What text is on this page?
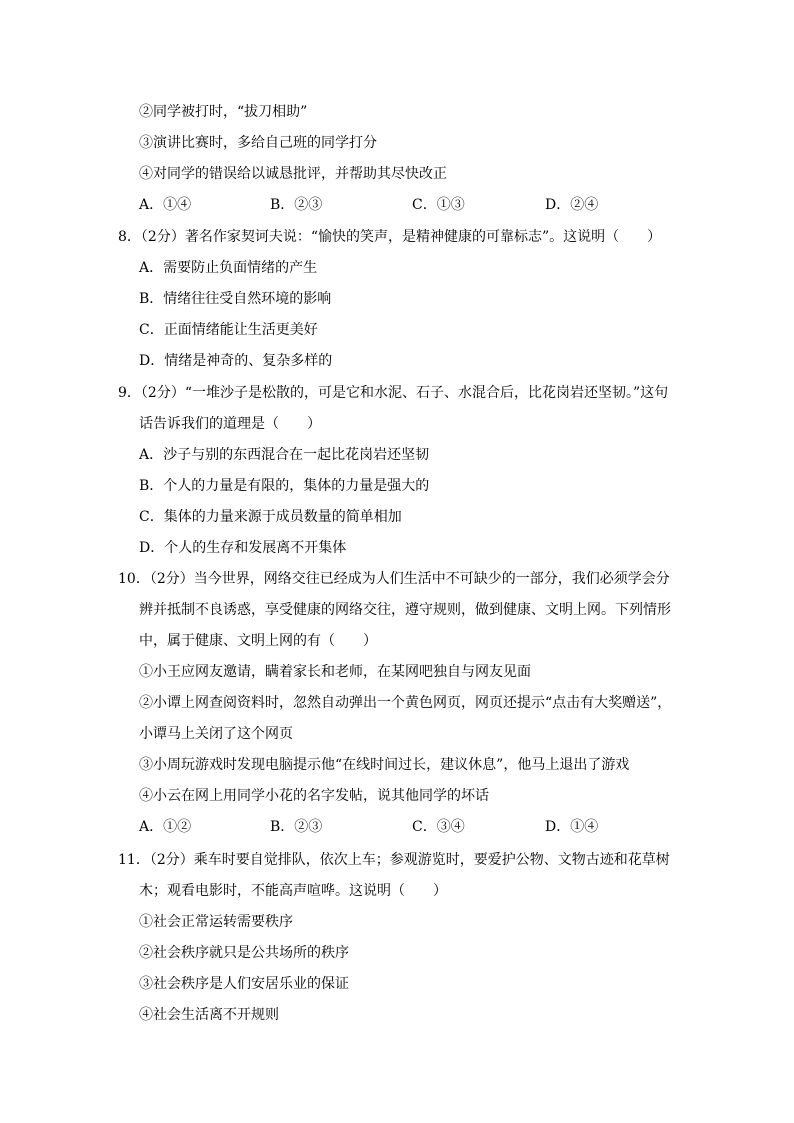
②同学被打时，“拔刀相助”
③演讲比赛时，多给自己班的同学打分
④对同学的错误给以诚恳批评，并帮助其尽快改正
A．①④	B．②③	C．①③	D．②④
8．（2分）著名作家契诃夫说：“愉快的笑声，是精神健康的可靠标志”。这说明（　　）
A．需要防止负面情绪的产生
B．情绪往往受自然环境的影响
C．正面情绪能让生活更美好
D．情绪是神奇的、复杂多样的
9．（2分）“一堆沙子是松散的，可是它和水泥、石子、水混合后，比花岗岩还坚韧。”这句
话告诉我们的道理是（　　）
A．沙子与别的东西混合在一起比花岗岩还坚韧
B．个人的力量是有限的，集体的力量是强大的
C．集体的力量来源于成员数量的简单相加
D．个人的生存和发展离不开集体
10．（2分）当今世界，网络交往已经成为人们生活中不可缺少的一部分，我们必须学会分
辨并抵制不良诱惑，享受健康的网络交往，遵守规则，做到健康、文明上网。下列情形
中，属于健康、文明上网的有（　　）
①小王应网友邀请，瞒着家长和老师，在某网吧独自与网友见面
②小谭上网查阅资料时，忽然自动弹出一个黄色网页，网页还提示“点击有大奖赠送”，
小谭马上关闭了这个网页
③小周玩游戏时发现电脑提示他“在线时间过长，建议休息”，他马上退出了游戏
④小云在网上用同学小花的名字发帖，说其他同学的坏话
A．①②	B．②③	C．③④	D．①④
11．（2分）乘车时要自觉排队，依次上车；参观游览时，要爱护公物、文物古迹和花草树
木；观看电影时，不能高声喧哗。这说明（　　）
①社会正常运转需要秩序
②社会秩序就只是公共场所的秩序
③社会秩序是人们安居乐业的保证
④社会生活离不开规则
